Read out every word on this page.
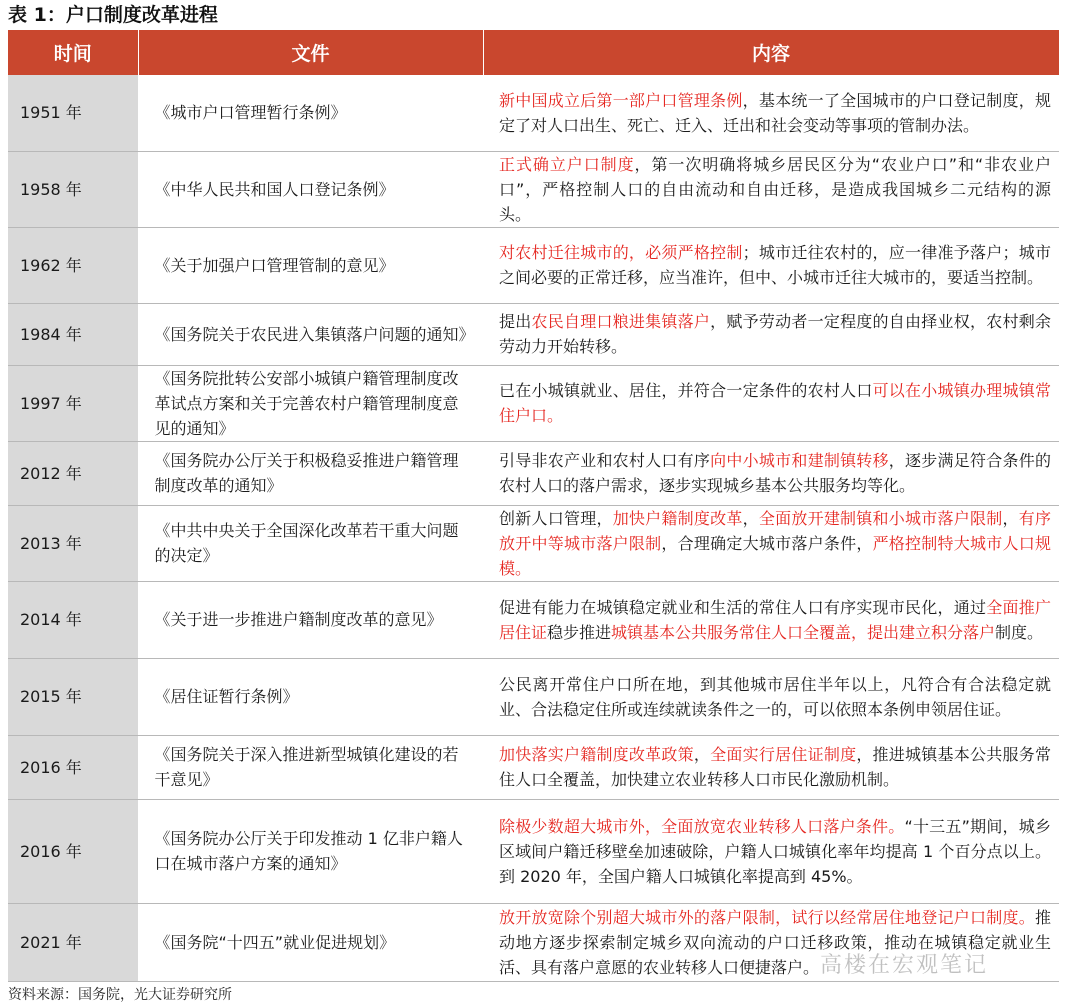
表 1：户口制度改革进程
时间	文件	内容
1951 年	《城市户口管理暂行条例》	新中国成立后第一部户口管理条例，基本统一了全国城市的户口登记制度，规定了对人口出生、死亡、迁入、迁出和社会变动等事项的管制办法。
1958 年	《中华人民共和国人口登记条例》	正式确立户口制度，第一次明确将城乡居民区分为“农业户口”和“非农业户口”，严格控制人口的自由流动和自由迁移，是造成我国城乡二元结构的源头。
1962 年	《关于加强户口管理管制的意见》	对农村迁往城市的，必须严格控制；城市迁往农村的，应一律准予落户；城市之间必要的正常迁移，应当准许，但中、小城市迁往大城市的，要适当控制。
1984 年	《国务院关于农民进入集镇落户问题的通知》	提出农民自理口粮进集镇落户，赋予劳动者一定程度的自由择业权，农村剩余劳动力开始转移。
1997 年	《国务院批转公安部小城镇户籍管理制度改革试点方案和关于完善农村户籍管理制度意见的通知》	已在小城镇就业、居住，并符合一定条件的农村人口可以在小城镇办理城镇常住户口。
2012 年	《国务院办公厅关于积极稳妥推进户籍管理制度改革的通知》	引导非农产业和农村人口有序向中小城市和建制镇转移，逐步满足符合条件的农村人口的落户需求，逐步实现城乡基本公共服务均等化。
2013 年	《中共中央关于全国深化改革若干重大问题的决定》	创新人口管理，加快户籍制度改革，全面放开建制镇和小城市落户限制，有序放开中等城市落户限制，合理确定大城市落户条件，严格控制特大城市人口规模。
2014 年	《关于进一步推进户籍制度改革的意见》	促进有能力在城镇稳定就业和生活的常住人口有序实现市民化，通过全面推广居住证稳步推进城镇基本公共服务常住人口全覆盖，提出建立积分落户制度。
2015 年	《居住证暂行条例》	公民离开常住户口所在地，到其他城市居住半年以上，凡符合有合法稳定就业、合法稳定住所或连续就读条件之一的，可以依照本条例申领居住证。
2016 年	《国务院关于深入推进新型城镇化建设的若干意见》	加快落实户籍制度改革政策，全面实行居住证制度，推进城镇基本公共服务常住人口全覆盖，加快建立农业转移人口市民化激励机制。
2016 年	《国务院办公厅关于印发推动 1 亿非户籍人口在城市落户方案的通知》	除极少数超大城市外，全面放宽农业转移人口落户条件。“十三五”期间，城乡区域间户籍迁移壁垒加速破除，户籍人口城镇化率年均提高 1 个百分点以上。到 2020 年，全国户籍人口城镇化率提高到 45%。
2021 年	《国务院“十四五”就业促进规划》	放开放宽除个别超大城市外的落户限制，试行以经常居住地登记户口制度。推动地方逐步探索制定城乡双向流动的户口迁移政策，推动在城镇稳定就业生活、具有落户意愿的农业转移人口便捷落户。
资料来源：国务院，光大证券研究所
高楼在宏观笔记
